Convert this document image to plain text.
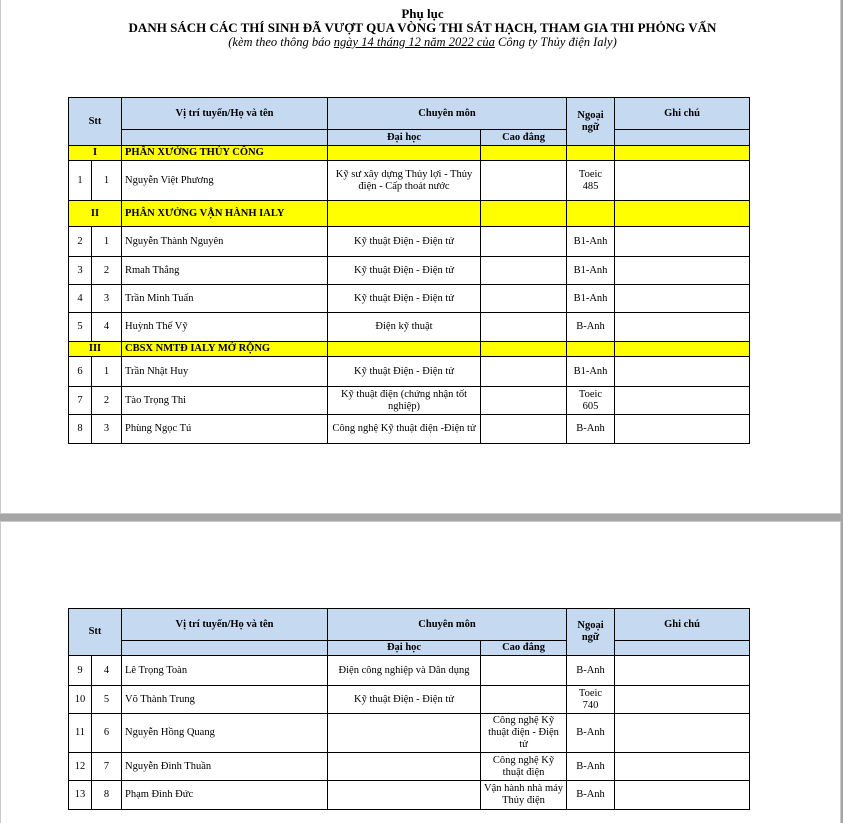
Phụ lục
DANH SÁCH CÁC THÍ SINH ĐÃ VƯỢT QUA VÒNG THI SÁT HẠCH, THAM GIA THI PHỎNG VẤN
(kèm theo thông báo ngày 14 tháng 12 năm 2022 của Công ty Thủy điện Ialy)
Stt		Vị trí tuyển/Họ và tên	Chuyên môn		Ngoại ngữ	Ghi chú
			Đại học	Cao đẳng		
I		PHÂN XƯỞNG THỦY CÔNG				
1	1	Nguyễn Việt Phương	Kỹ sư xây dựng Thủy lợi - Thủy điện - Cấp thoát nước		Toeic 485	
II		PHÂN XƯỞNG VẬN HÀNH IALY				
2	1	Nguyễn Thành Nguyên	Kỹ thuật Điện - Điện tử		B1-Anh	
3	2	Rmah Thắng	Kỹ thuật Điện - Điện tử		B1-Anh	
4	3	Trần Minh Tuấn	Kỹ thuật Điện - Điện tử		B1-Anh	
5	4	Huỳnh Thế Vỹ	Điện kỹ thuật		B-Anh	
III		CBSX NMTĐ IALY MỞ RỘNG				
6	1	Trần Nhật Huy	Kỹ thuật Điện - Điện tử		B1-Anh	
7	2	Tào Trọng Thi	Kỹ thuật điện (chứng nhận tốt nghiệp)		Toeic 605	
8	3	Phùng Ngọc Tú	Công nghệ Kỹ thuật điện -Điện tử		B-Anh	
Stt		Vị trí tuyển/Họ và tên	Chuyên môn		Ngoại ngữ	Ghi chú
			Đại học	Cao đẳng		
9	4	Lê Trọng Toàn	Điện công nghiệp và Dân dụng		B-Anh	
10	5	Võ Thành Trung	Kỹ thuật Điện - Điện tử		Toeic 740	
11	6	Nguyễn Hồng Quang		Công nghệ Kỹ thuật điện - Điện tử	B-Anh	
12	7	Nguyễn Đình Thuần		Công nghệ Kỹ thuật điện	B-Anh	
13	8	Phạm Đình Đức		Vận hành nhà máy Thủy điện	B-Anh	
